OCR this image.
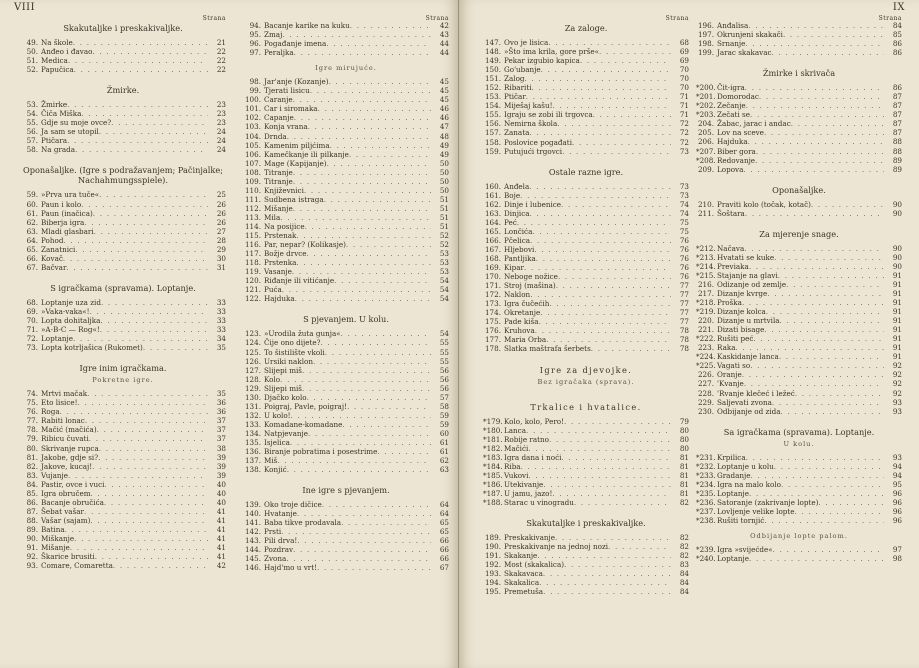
VIII
Strana
Skakutaljke i preskakivaljke.
49. Na škole . . .	21
50. Anđeo i đavao . . .	22
51. Medica . . .	22
52. Papučica . . .	22
Žmirke.
53. Žmirke . . .	23
54. Čiča Miška . . .	23
55. Gdje su moje ovce? . . .	23
56. Ja sam se utopil . . .	24
57. Ptičara . . .	24
58. Na grada . . .	24
Oponašaljke. (Igre s podražavanjem; Pačinjalke; Nachahmungsspiele).
59. »Prva ura tuče« . . .	25
60. Paun i kolo . . .	26
61. Paun (inačica) . . .	26
62. Biberja igra . . .	26
63. Mladi glasbari . . .	27
64. Pohod . . .	28
65. Zanatnici . . .	29
66. Kovač . . .	30
67. Bačvar . . .	31
S igračkama (spravama). Loptanje.
68. Loptanje uza zid . . .	33
69. »Vaka-vaka«! . . .	33
70. Lopta dohitaljka . . .	33
71. »A-B-C — Rog«! . . .	33
72. Loptanje . . .	34
73. Lopta kotrljašica (Rukomet) . . .	35
Igre inim igračkama.
Pokretne igre.
74. Mrtvi mačak . . .	35
75. Eto lisice! . . .	36
76. Roga . . .	36
77. Rabiti lonac . . .	37
78. Mačić (mačića) . . .	37
79. Ribicu čuvati . . .	37
80. Skrivanje rupca . . .	38
81. Jakobe, gdje si? . . .	39
82. Jakove, kucaj! . . .	39
83. Vujanje . . .	39
84. Pastir, ovce i vuci . . .	40
85. Igra obručem . . .	40
86. Bacanje obručića . . .	40
87. Šebat vašar . . .	41
88. Vašar (sajam) . . .	41
89. Batina . . .	41
90. Miškanje . . .	41
91. Mišanje . . .	41
92. Škarice brusiti . . .	41
93. Comare, Comaretta . . .	42
Strana
94. Bacanje karike na kuku . . .	42
95. Zmaj . . .	43
96. Pogađanje imena . . .	44
97. Peraljka . . .	44
Igre mirujuće.
98. Jar'anje (Kozanje) . . .	45
99. Tjerati lisicu . . .	45
100. Caranje . . .	45
101. Car i siromaka . . .	46
102. Capanje . . .	46
103. Konja vrana . . .	47
104. Drnda . . .	48
105. Kamenim piljćima . . .	49
106. Kamečkanje ili pilkanje . . .	49
107. Mage (Kapijanje) . . .	50
108. Titranje . . .	50
109. Titranje . . .	50
110. Književnici . . .	50
111. Sudbena istraga . . .	51
112. Mišanje . . .	51
113. Mila . . .	51
114. Na posijice . . .	51
115. Prstenak . . .	52
116. Par, nepar? (Kolikasje) . . .	52
117. Božje drvce . . .	53
118. Prstenka . . .	53
119. Vasanje . . .	53
120. Riđanje ili vitićanje . . .	54
121. Puća . . .	54
122. Hajduka . . .	54
S pjevanjem. U kolu.
123. »Urodila žuta gunja« . . .	54
124. Čije ono dijete? . . .	55
125. To šistilište vkoli . . .	55
126. Ursiki naklon . . .	55
127. Slijepi miš . . .	56
128. Kolo . . .	56
129. Slijepi miš . . .	56
130. Djačko kolo . . .	57
131. Poigraj, Pavle, poigraj! . . .	58
132. U kolo! . . .	59
133. Komadane-komadane . . .	59
134. Natpjevanje . . .	60
135. Isjelica . . .	61
136. Biranje pobratima i posestrime . . .	61
137. Miš . . .	62
138. Konjić . . .	63
Ine igre s pjevanjem.
139. Oko troje dičice . . .	64
140. Hvatanje . . .	64
141. Baba tikve prodavala . . .	65
142. Prsti . . .	65
143. Pili drva! . . .	66
144. Pozdrav . . .	66
145. Zvona . . .	66
146. Hajd'mo u vrt! . . .	67
IX
Strana
Za zaloge.
147. Ovo je lisica . . .	68
148. »Što ima krila, gore prše« . . .	69
149. Pekar izgubio kapica . . .	69
150. Go'ubanje . . .	70
151. Zalog . . .	70
152. Ribariti . . .	70
153. Ptičar . . .	71
154. Miješaj kašu! . . .	71
155. Igraju se zobi ili trgovca . . .	71
156. Nemirna škola . . .	72
157. Zanata . . .	72
158. Poslovice pogađati . . .	72
159. Putujući trgovci . . .	73
Ostale razne igre.
160. Anđela . . .	73
161. Boje . . .	73
162. Dinje i lubenice . . .	74
163. Dinjica . . .	74
164. Peć . . .	75
165. Lončića . . .	75
166. Pčelica . . .	76
167. Hljebovi . . .	76
168. Pantljika . . .	76
169. Kipar . . .	76
170. Neboge nožice . . .	76
171. Stroj (mašina) . . .	77
172. Naklon . . .	77
173. Igra čučećih . . .	77
174. Okretanje . . .	77
175. Pade kiša . . .	77
176. Kruhova . . .	78
177. Maria Orba . . .	78
178. Slatka maštrafa šerbets . . .	78
Igre za djevojke.
Bez igračaka (sprava).
Trkalice i hvatalice.
*179. Kolo, kolo, Pero! . . .	79
*180. Lanca . . .	80
*181. Robije ratno . . .	80
*182. Mačići . . .	80
*183. Igra dana i noći . . .	81
*184. Riba . . .	81
*185. Vukovi . . .	81
*186. Utekivanje . . .	81
*187. U jamu, jazo! . . .	81
*188. Starac u vinogradu . . .	82
Skakutaljke i preskakivaljke.
189. Preskakivanje . . .	82
190. Preskakivanje na jednoj nozi . . .	82
191. Skakanje . . .	82
192. Most (skakalica) . . .	83
193. Skakavaca . . .	84
194. Skakalica . . .	84
195. Premetuša . . .	84
Strana
196. Anđalisa . . .	84
197. Okrunjeni skakači . . .	85
198. Srnanje . . .	86
199. Jarac skakavac . . .	86
Žmirke i skrivača
*200. Čit-igra . . .	86
*201. Domorodac . . .	87
*202. Zečanje . . .	87
*203. Zečati se . . .	87
204. Žabac, jarac i andac . . .	87
205. Lov na sceve . . .	87
206. Hajduka . . .	88
*207. Biber gora . . .	88
*208. Redovanje . . .	89
209. Lopova . . .	89
Oponašaljke.
210. Praviti kolo (točak, kotač) . . .	90
211. Šoštara . . .	90
Za mjerenje snage.
*212. Načava . . .	90
*213. Hvatati se kuke . . .	90
*214. Previaka . . .	90
*215. Stajanje na glavi . . .	91
216. Odizanje od zemlje . . .	91
217. Dizanje kvrge . . .	91
*218. Proška . . .	91
*219. Dizanje kolca . . .	91
220. Dizanje u mrtvila . . .	91
221. Dizati bisage . . .	91
*222. Rušiti peć . . .	91
223. Raka . . .	91
*224. Kaskidanje lanca . . .	91
*225. Vagati so . . .	92
226. Oranje . . .	92
227. 'Kvanje . . .	92
228. 'Rvanje klečeć i ležeć . . .	92
229. Saljevati zvona . . .	93
230. Odbijanje od zida . . .	93
Sa igračkama (spravama). Loptanje.
U kolu.
*231. Krpilica . . .	93
*232. Loptanje u kolu . . .	94
*233. Gradanje . . .	94
*234. Igra na malo kolo . . .	95
*235. Loptanje . . .	96
*236. Satoranje (zakrivanje lopte) . . .	96
*237. Lovljenje velike lopte . . .	96
*238. Rušiti tornjić . . .	96
Odbijanje lopte palom.
*239. Igra »svijećde« . . .	97
*240. Loptanje . . .	98
